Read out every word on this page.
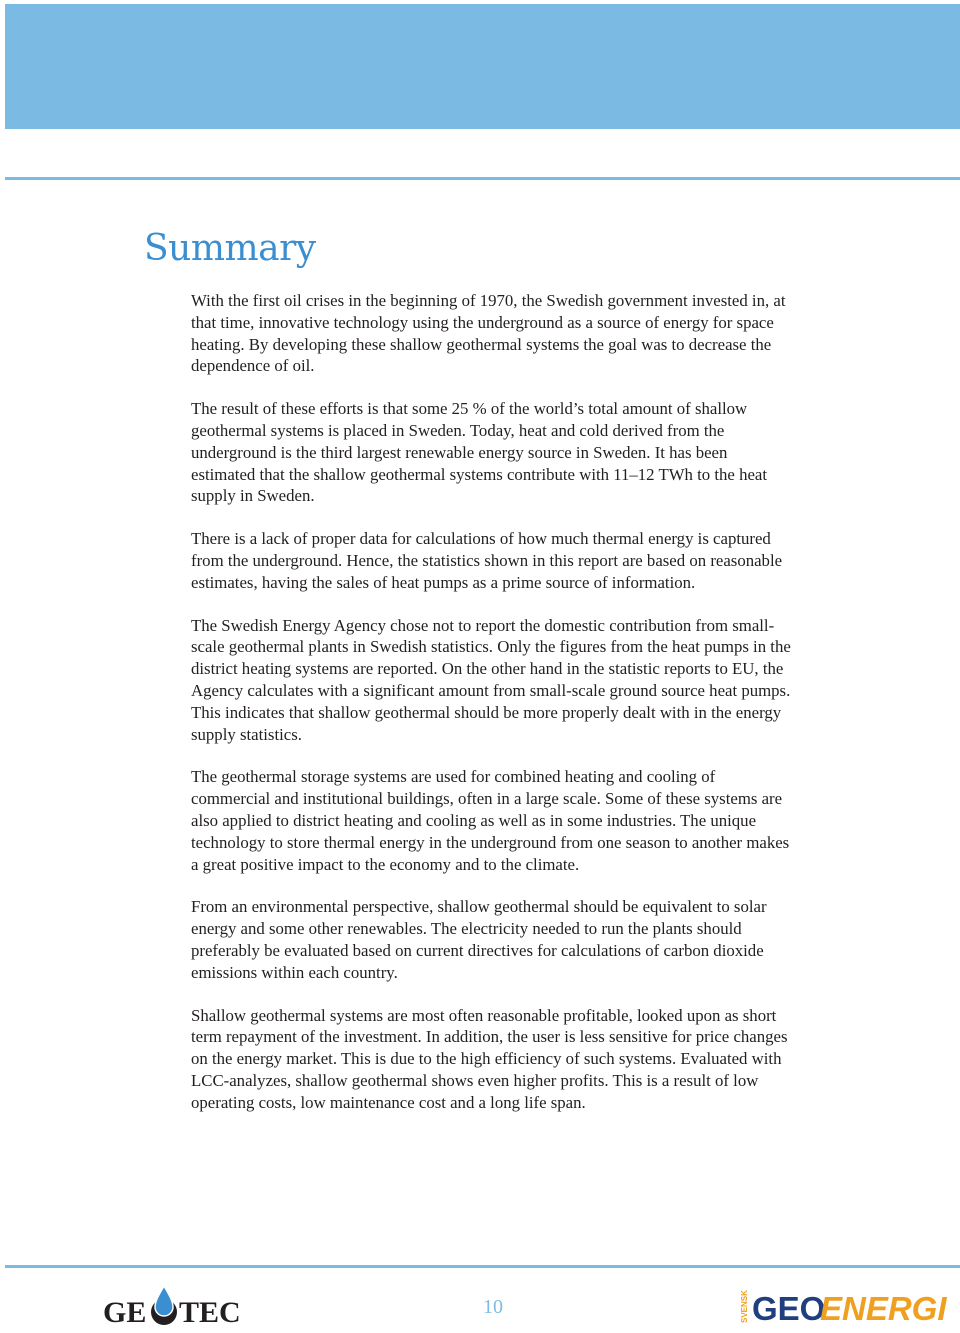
Summary

With the first oil crises in the beginning of 1970, the Swedish government invested in, at that time, innovative technology using the underground as a source of energy for space heating. By developing these shallow geothermal systems the goal was to decrease the dependence of oil.

The result of these efforts is that some 25 % of the world’s total amount of shallow geothermal systems is placed in Sweden. Today, heat and cold derived from the underground is the third largest renewable energy source in Sweden. It has been estimated that the shallow geothermal systems contribute with 11–12 TWh to the heat supply in Sweden.

There is a lack of proper data for calculations of how much thermal energy is captured from the underground. Hence, the statistics shown in this report are based on reasonable estimates, having the sales of heat pumps as a prime source of information.

The Swedish Energy Agency chose not to report the domestic contribution from small-scale geothermal plants in Swedish statistics. Only the figures from the heat pumps in the district heating systems are reported. On the other hand in the statistic reports to EU, the Agency calculates with a significant amount from small-scale ground source heat pumps. This indicates that shallow geothermal should be more properly dealt with in the energy supply statistics.

The geothermal storage systems are used for combined heating and cooling of commercial and institutional buildings, often in a large scale. Some of these systems are also applied to district heating and cooling as well as in some industries. The unique technology to store thermal energy in the underground from one season to another makes a great positive impact to the economy and to the climate.

From an environmental perspective, shallow geothermal should be equivalent to solar energy and some other renewables. The electricity needed to run the plants should preferably be evaluated based on current directives for calculations of carbon dioxide emissions within each country.

Shallow geothermal systems are most often reasonable profitable, looked upon as short term repayment of the investment. In addition, the user is less sensitive for price changes on the energy market. This is due to the high efficiency of such systems. Evaluated with LCC-analyzes, shallow geothermal shows even higher profits. This is a result of low operating costs, low maintenance cost and a long life span.

GE TEC	10	SVENSK GEO
ENERGI
